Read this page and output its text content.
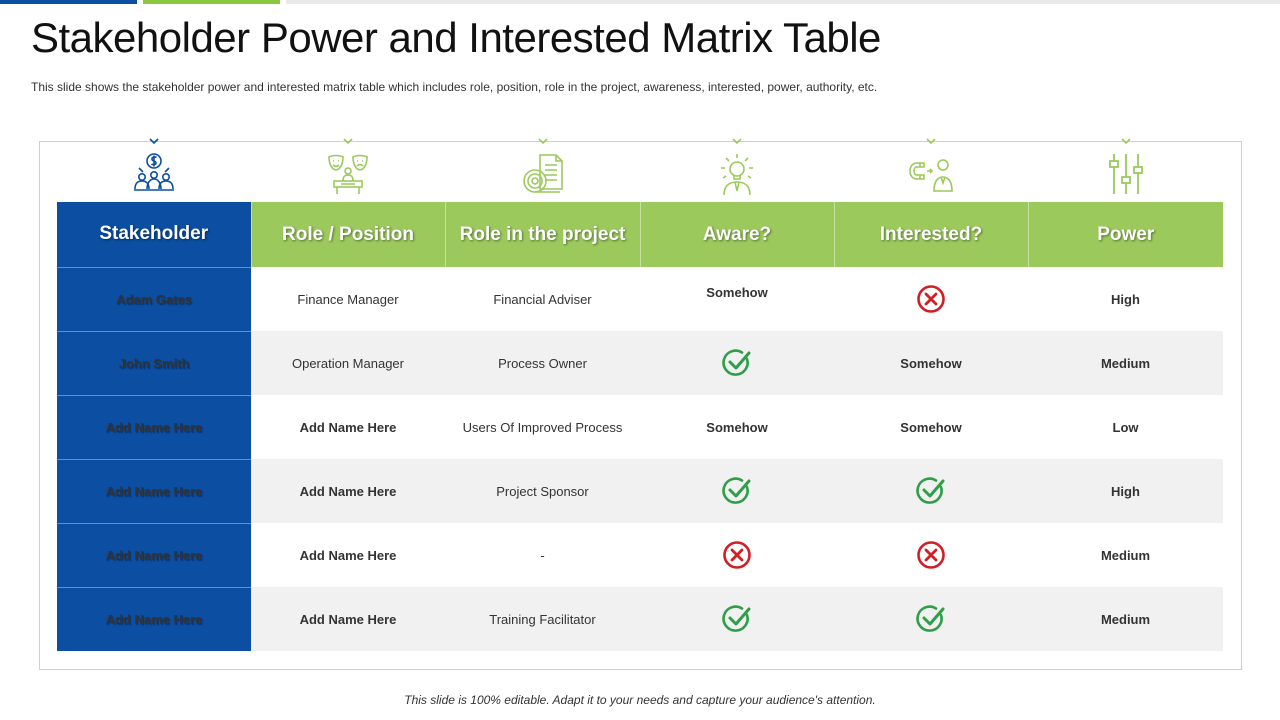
Stakeholder Power and Interested Matrix Table

This slide shows the stakeholder power and interested matrix table which includes role, position, role in the project, awareness, interested, power, authority, etc.

Stakeholder	Role / Position	Role in the project	Aware?	Interested?	Power
Adam Gates	Finance Manager	Financial Adviser	Somehow		High
John Smith	Operation Manager	Process Owner		Somehow	Medium
Add Name Here	Add Name Here	Users Of Improved Process	Somehow	Somehow	Low
Add Name Here	Add Name Here	Project Sponsor			High
Add Name Here	Add Name Here	-			Medium
Add Name Here	Add Name Here	Training Facilitator			Medium

This slide is 100% editable. Adapt it to your needs and capture your audience's attention.
